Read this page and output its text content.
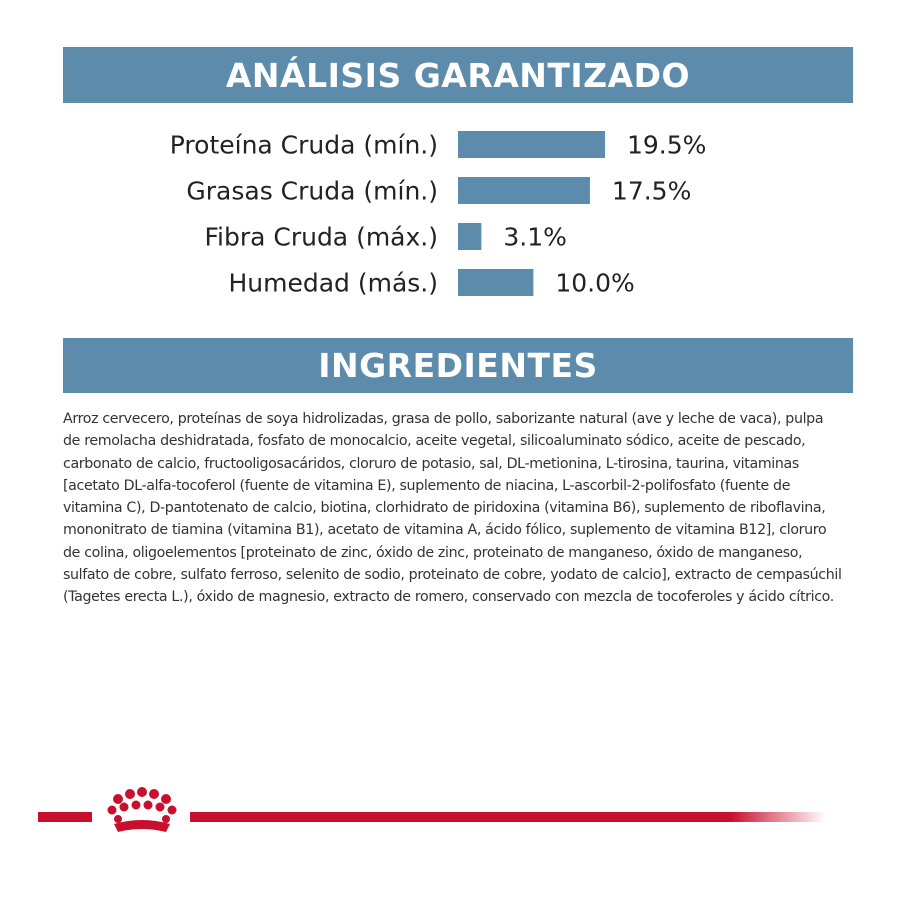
ANÁLISIS GARANTIZADO
Proteína Cruda (mín.)	19.5%
Grasas Cruda (mín.)	17.5%
Fibra Cruda (máx.)	3.1%
Humedad (más.)	10.0%
INGREDIENTES

Arroz cervecero, proteínas de soya hidrolizadas, grasa de pollo, saborizante natural (ave y leche de vaca), pulpa de remolacha deshidratada, fosfato de monocalcio, aceite vegetal, silicoaluminato sódico, aceite de pescado, carbonato de calcio, fructooligosacáridos, cloruro de potasio, sal, DL-metionina, L-tirosina, taurina, vitaminas [acetato DL-alfa-tocoferol (fuente de vitamina E), suplemento de niacina, L-ascorbil-2-polifosfato (fuente de vitamina C), D-pantotenato de calcio, biotina, clorhidrato de piridoxina (vitamina B6), suplemento de riboflavina, mononitrato de tiamina (vitamina B1), acetato de vitamina A, ácido fólico, suplemento de vitamina B12], cloruro de colina, oligoelementos [proteinato de zinc, óxido de zinc, proteinato de manganeso, óxido de manganeso, sulfato de cobre, sulfato ferroso, selenito de sodio, proteinato de cobre, yodato de calcio], extracto de cempasúchil (Tagetes erecta L.), óxido de magnesio, extracto de romero, conservado con mezcla de tocoferoles y ácido cítrico.
